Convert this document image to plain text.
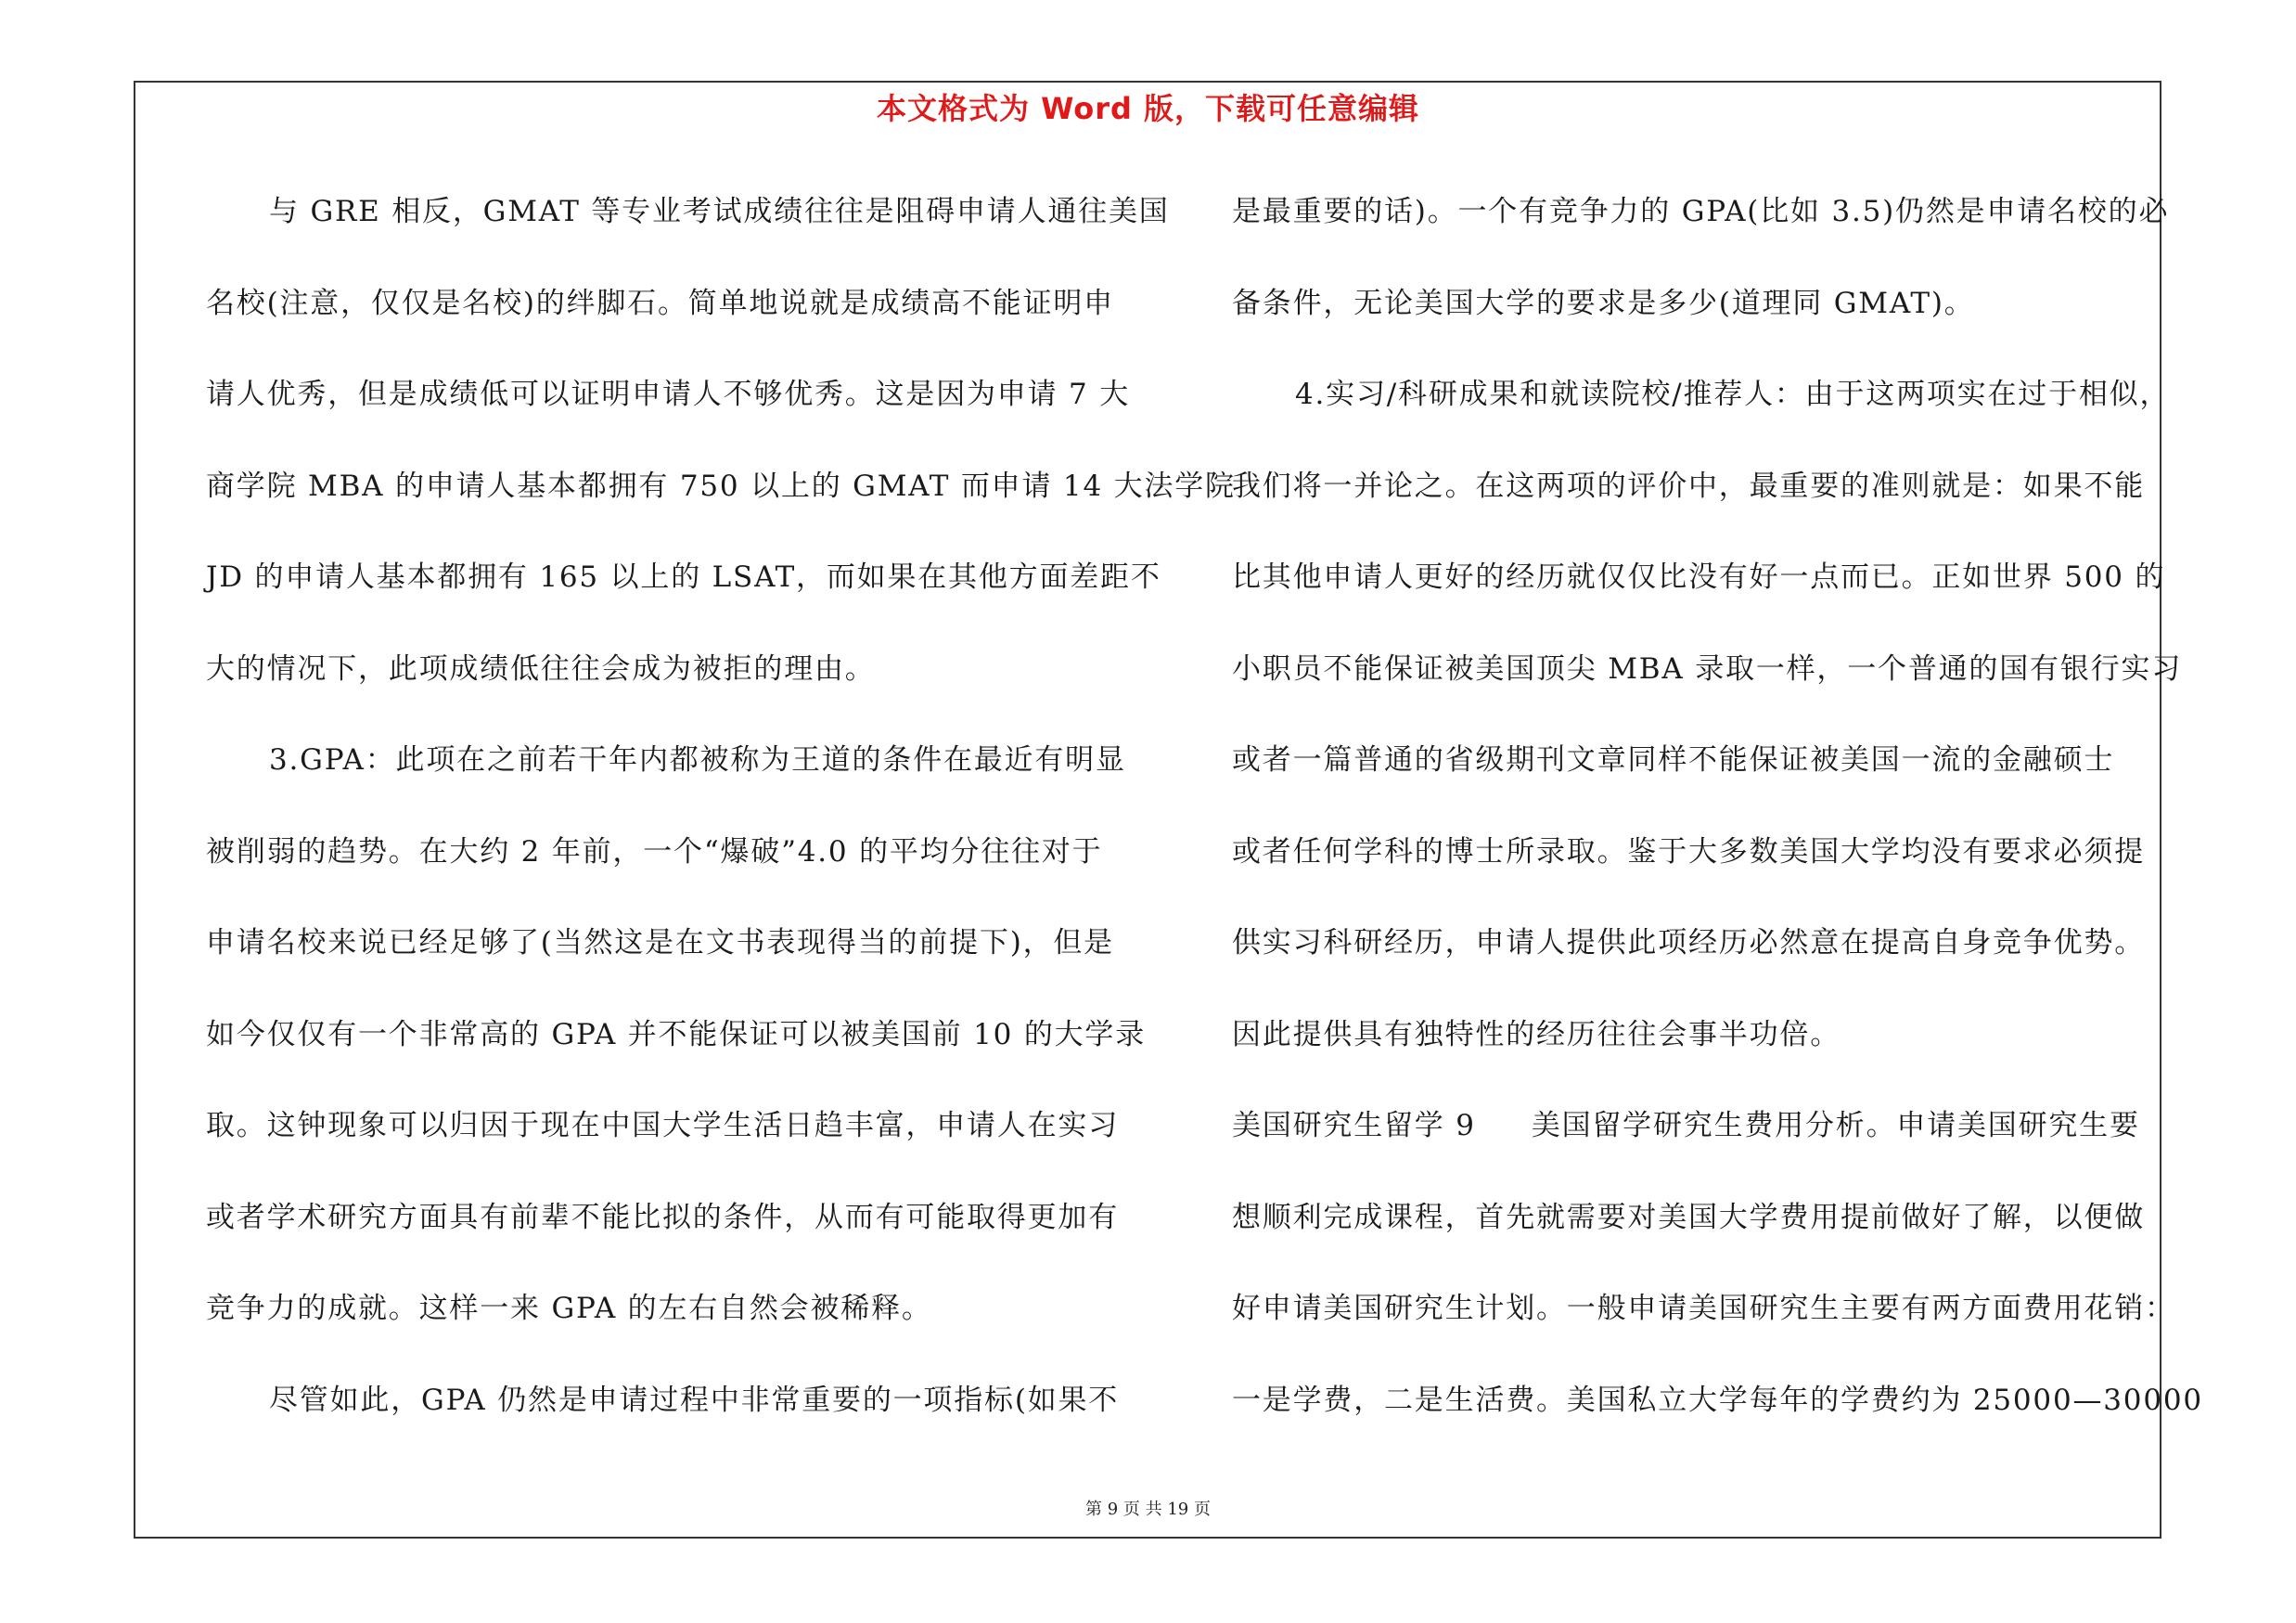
本文格式为 Word 版，下载可任意编辑
与 GRE 相反，GMAT 等专业考试成绩往往是阻碍申请人通往美国
名校(注意，仅仅是名校)的绊脚石。简单地说就是成绩高不能证明申
请人优秀，但是成绩低可以证明申请人不够优秀。这是因为申请 7 大
商学院 MBA 的申请人基本都拥有 750 以上的 GMAT 而申请 14 大法学院
JD 的申请人基本都拥有 165 以上的 LSAT，而如果在其他方面差距不
大的情况下，此项成绩低往往会成为被拒的理由。
3.GPA：此项在之前若干年内都被称为王道的条件在最近有明显
被削弱的趋势。在大约 2 年前，一个“爆破”4.0 的平均分往往对于
申请名校来说已经足够了(当然这是在文书表现得当的前提下)，但是
如今仅仅有一个非常高的 GPA 并不能保证可以被美国前 10 的大学录
取。这钟现象可以归因于现在中国大学生活日趋丰富，申请人在实习
或者学术研究方面具有前辈不能比拟的条件，从而有可能取得更加有
竞争力的成就。这样一来 GPA 的左右自然会被稀释。
尽管如此，GPA 仍然是申请过程中非常重要的一项指标(如果不
是最重要的话)。一个有竞争力的 GPA(比如 3.5)仍然是申请名校的必
备条件，无论美国大学的要求是多少(道理同 GMAT)。
4.实习/科研成果和就读院校/推荐人：由于这两项实在过于相似，
我们将一并论之。在这两项的评价中，最重要的准则就是：如果不能
比其他申请人更好的经历就仅仅比没有好一点而已。正如世界 500 的
小职员不能保证被美国顶尖 MBA 录取一样，一个普通的国有银行实习
或者一篇普通的省级期刊文章同样不能保证被美国一流的金融硕士
或者任何学科的博士所录取。鉴于大多数美国大学均没有要求必须提
供实习科研经历，申请人提供此项经历必然意在提高自身竞争优势。
因此提供具有独特性的经历往往会事半功倍。
美国研究生留学 9 美国留学研究生费用分析。申请美国研究生要
想顺利完成课程，首先就需要对美国大学费用提前做好了解，以便做
好申请美国研究生计划。一般申请美国研究生主要有两方面费用花销：
一是学费，二是生活费。美国私立大学每年的学费约为 25000—30000
第 9 页 共 19 页
